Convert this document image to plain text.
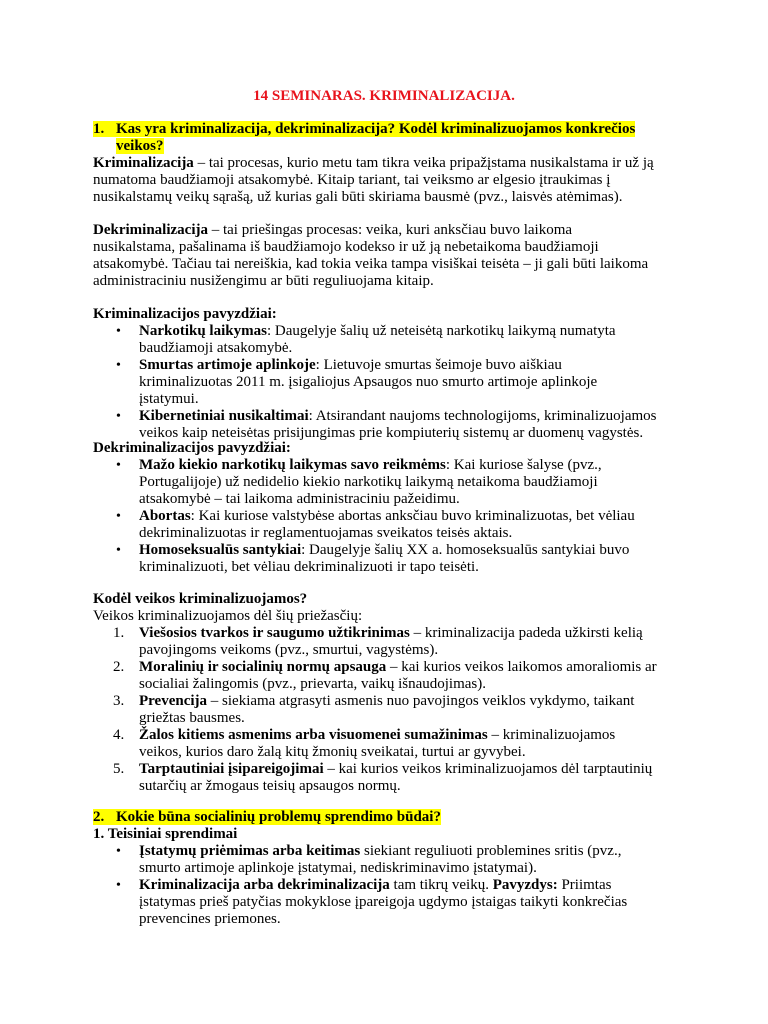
14 SEMINARAS. KRIMINALIZACIJA.
1. Kas yra kriminalizacija, dekriminalizacija? Kodėl kriminalizuojamos konkrečios
veikos?
Kriminalizacija – tai procesas, kurio metu tam tikra veika pripažįstama nusikalstama ir už ją
numatoma baudžiamoji atsakomybė. Kitaip tariant, tai veiksmo ar elgesio įtraukimas į
nusikalstamų veikų sąrašą, už kurias gali būti skiriama bausmė (pvz., laisvės atėmimas).
Dekriminalizacija – tai priešingas procesas: veika, kuri anksčiau buvo laikoma
nusikalstama, pašalinama iš baudžiamojo kodekso ir už ją nebetaikoma baudžiamoji
atsakomybė. Tačiau tai nereiškia, kad tokia veika tampa visiškai teisėta – ji gali būti laikoma
administraciniu nusižengimu ar būti reguliuojama kitaip.
Kriminalizacijos pavyzdžiai:
• Narkotikų laikymas: Daugelyje šalių už neteisėtą narkotikų laikymą numatyta
baudžiamoji atsakomybė.
• Smurtas artimoje aplinkoje: Lietuvoje smurtas šeimoje buvo aiškiau
kriminalizuotas 2011 m. įsigaliojus Apsaugos nuo smurto artimoje aplinkoje
įstatymui.
• Kibernetiniai nusikaltimai: Atsirandant naujoms technologijoms, kriminalizuojamos
veikos kaip neteisėtas prisijungimas prie kompiuterių sistemų ar duomenų vagystės.
Dekriminalizacijos pavyzdžiai:
• Mažo kiekio narkotikų laikymas savo reikmėms: Kai kuriose šalyse (pvz.,
Portugalijoje) už nedidelio kiekio narkotikų laikymą netaikoma baudžiamoji
atsakomybė – tai laikoma administraciniu pažeidimu.
• Abortas: Kai kuriose valstybėse abortas anksčiau buvo kriminalizuotas, bet vėliau
dekriminalizuotas ir reglamentuojamas sveikatos teisės aktais.
• Homoseksualūs santykiai: Daugelyje šalių XX a. homoseksualūs santykiai buvo
kriminalizuoti, bet vėliau dekriminalizuoti ir tapo teisėti.
Kodėl veikos kriminalizuojamos?
Veikos kriminalizuojamos dėl šių priežasčių:
1. Viešosios tvarkos ir saugumo užtikrinimas – kriminalizacija padeda užkirsti kelią
pavojingoms veikoms (pvz., smurtui, vagystėms).
2. Moralinių ir socialinių normų apsauga – kai kurios veikos laikomos amoraliomis ar
socialiai žalingomis (pvz., prievarta, vaikų išnaudojimas).
3. Prevencija – siekiama atgrasyti asmenis nuo pavojingos veiklos vykdymo, taikant
griežtas bausmes.
4. Žalos kitiems asmenims arba visuomenei sumažinimas – kriminalizuojamos
veikos, kurios daro žalą kitų žmonių sveikatai, turtui ar gyvybei.
5. Tarptautiniai įsipareigojimai – kai kurios veikos kriminalizuojamos dėl tarptautinių
sutarčių ar žmogaus teisių apsaugos normų.
2. Kokie būna socialinių problemų sprendimo būdai?
1. Teisiniai sprendimai
• Įstatymų priėmimas arba keitimas siekiant reguliuoti problemines sritis (pvz.,
smurto artimoje aplinkoje įstatymai, nediskriminavimo įstatymai).
• Kriminalizacija arba dekriminalizacija tam tikrų veikų. Pavyzdys: Priimtas
įstatymas prieš patyčias mokyklose įpareigoja ugdymo įstaigas taikyti konkrečias
prevencines priemones.
